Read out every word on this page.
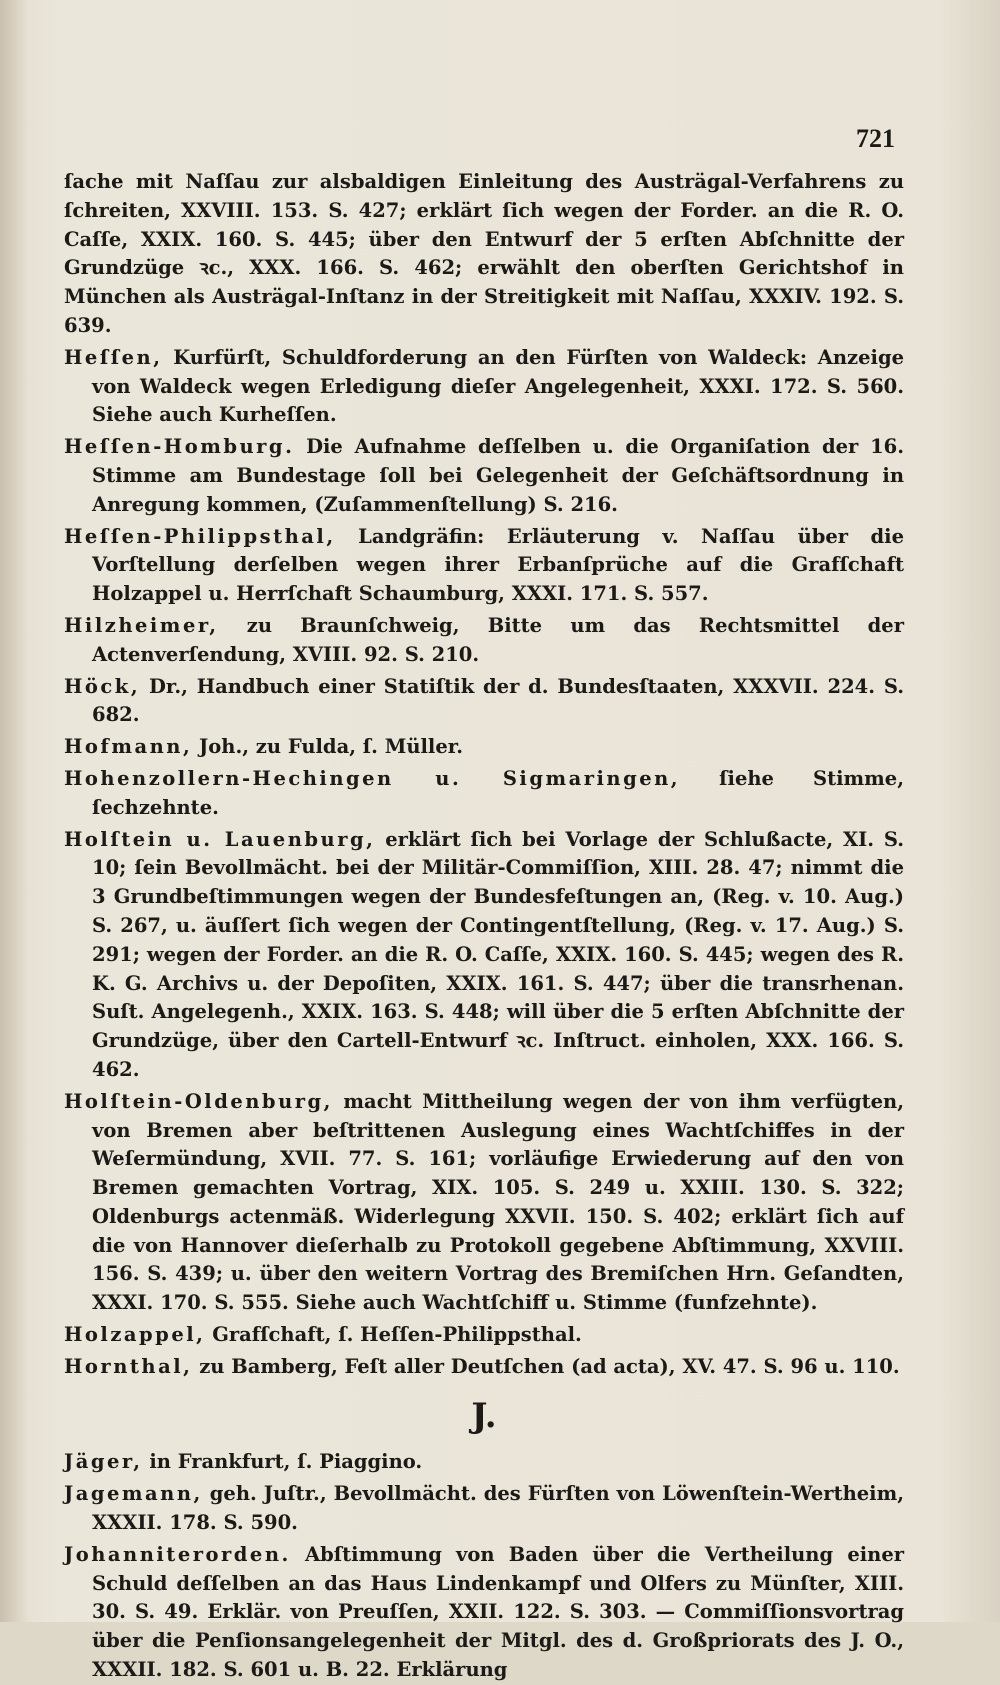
721

ſache mit Naſſau zur alsbaldigen Einleitung des Austrägal-Verfahrens zu ſchreiten, XXVIII. 153. S. 427; erklärt ſich wegen der Forder. an die R. O. Caſſe, XXIX. 160. S. 445; über den Entwurf der 5 erſten Abſchnitte der Grundzüge ꝛc., XXX. 166. S. 462; erwählt den oberſten Gerichtshof in München als Austrägal-Inſtanz in der Streitigkeit mit Naſſau, XXXIV. 192. S. 639.

Heſſen, Kurfürſt, Schuldforderung an den Fürſten von Waldeck: Anzeige von Waldeck wegen Erledigung dieſer Angelegenheit, XXXI. 172. S. 560. Siehe auch Kurheſſen.

Heſſen-Homburg. Die Aufnahme deſſelben u. die Organiſation der 16. Stimme am Bundestage ſoll bei Gelegenheit der Geſchäftsordnung in Anregung kommen, (Zuſammenſtellung) S. 216.

Heſſen-Philippsthal, Landgräfin: Erläuterung v. Naſſau über die Vorſtellung derſelben wegen ihrer Erbanſprüche auf die Grafſchaft Holzappel u. Herrſchaft Schaumburg, XXXI. 171. S. 557.

Hilzheimer, zu Braunſchweig, Bitte um das Rechtsmittel der Actenverſendung, XVIII. 92. S. 210.

Höck, Dr., Handbuch einer Statiſtik der d. Bundesſtaaten, XXXVII. 224. S. 682.

Hofmann, Joh., zu Fulda, ſ. Müller.

Hohenzollern-Hechingen u. Sigmaringen, ſiehe Stimme, ſechzehnte.

Holſtein u. Lauenburg, erklärt ſich bei Vorlage der Schlußacte, XI. S. 10; ſein Bevollmächt. bei der Militär-Commiſſion, XIII. 28. 47; nimmt die 3 Grundbeſtimmungen wegen der Bundesfeſtungen an, (Reg. v. 10. Aug.) S. 267, u. äuſſert ſich wegen der Contingentſtellung, (Reg. v. 17. Aug.) S. 291; wegen der Forder. an die R. O. Caſſe, XXIX. 160. S. 445; wegen des R. K. G. Archivs u. der Depoſiten, XXIX. 161. S. 447; über die transrhenan. Suſt. Angelegenh., XXIX. 163. S. 448; will über die 5 erſten Abſchnitte der Grundzüge, über den Cartell-Entwurf ꝛc. Inſtruct. einholen, XXX. 166. S. 462.

Holſtein-Oldenburg, macht Mittheilung wegen der von ihm verfügten, von Bremen aber beſtrittenen Auslegung eines Wachtſchiffes in der Weſermündung, XVII. 77. S. 161; vorläufige Erwiederung auf den von Bremen gemachten Vortrag, XIX. 105. S. 249 u. XXIII. 130. S. 322; Oldenburgs actenmäß. Widerlegung XXVII. 150. S. 402; erklärt ſich auf die von Hannover dieſerhalb zu Protokoll gegebene Abſtimmung, XXVIII. 156. S. 439; u. über den weitern Vortrag des Bremiſchen Hrn. Geſandten, XXXI. 170. S. 555. Siehe auch Wachtſchiff u. Stimme (funfzehnte).

Holzappel, Grafſchaft, ſ. Heſſen-Philippsthal.

Hornthal, zu Bamberg, Feſt aller Deutſchen (ad acta), XV. 47. S. 96 u. 110.

J.

Jäger, in Frankfurt, ſ. Piaggino.

Jagemann, geh. Juſtr., Bevollmächt. des Fürſten von Löwenſtein-Wertheim, XXXII. 178. S. 590.

Johanniterorden. Abſtimmung von Baden über die Vertheilung einer Schuld deſſelben an das Haus Lindenkampf und Olfers zu Münſter, XIII. 30. S. 49. Erklär. von Preuſſen, XXII. 122. S. 303. — Commiſſionsvortrag über die Penſionsangelegenheit der Mitgl. des d. Großpriorats des J. O., XXXII. 182. S. 601 u. B. 22. Erklärung
